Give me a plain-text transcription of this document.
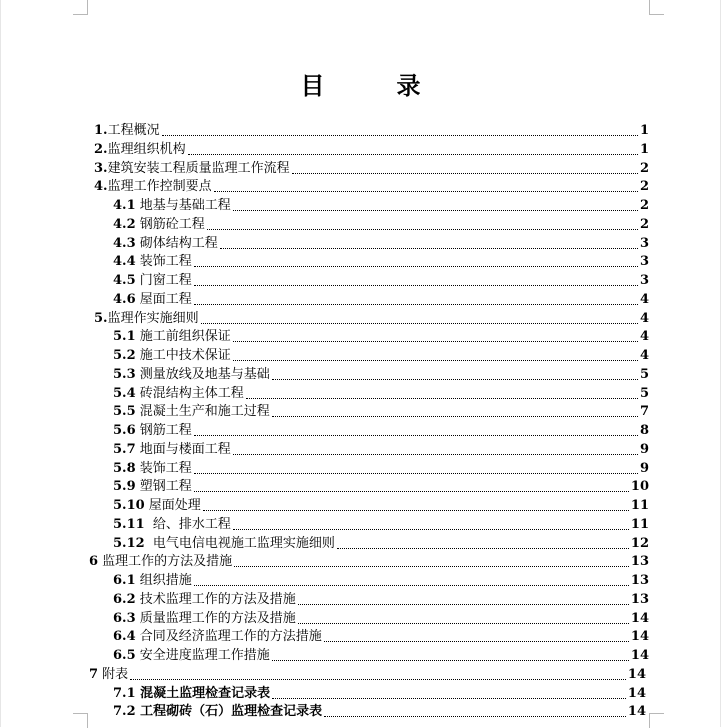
目	录
1. 工程概况	1
2. 监理组织机构	1
3. 建筑安装工程质量监理工作流程	2
4. 监理工作控制要点	2
4.1 地基与基础工程	2
4.2 钢筋砼工程	2
4.3 砌体结构工程	3
4.4 装饰工程	3
4.5 门窗工程	3
4.6 屋面工程	4
5. 监理作实施细则	4
5.1 施工前组织保证	4
5.2 施工中技术保证	4
5.3 测量放线及地基与基础	5
5.4 砖混结构主体工程	5
5.5 混凝土生产和施工过程	7
5.6 钢筋工程	8
5.7 地面与楼面工程	9
5.8 装饰工程	9
5.9 塑钢工程	10
5.10 屋面处理	11
5.11 给、排水工程	11
5.12 电气电信电视施工监理实施细则	12
6 监理工作的方法及措施	13
6.1 组织措施	13
6.2 技术监理工作的方法及措施	13
6.3 质量监理工作的方法及措施	14
6.4 合同及经济监理工作的方法措施	14
6.5 安全进度监理工作措施	14
7 附表	14
7.1 混凝土监理检查记录表	14
7.2 工程砌砖（石）监理检查记录表	14
